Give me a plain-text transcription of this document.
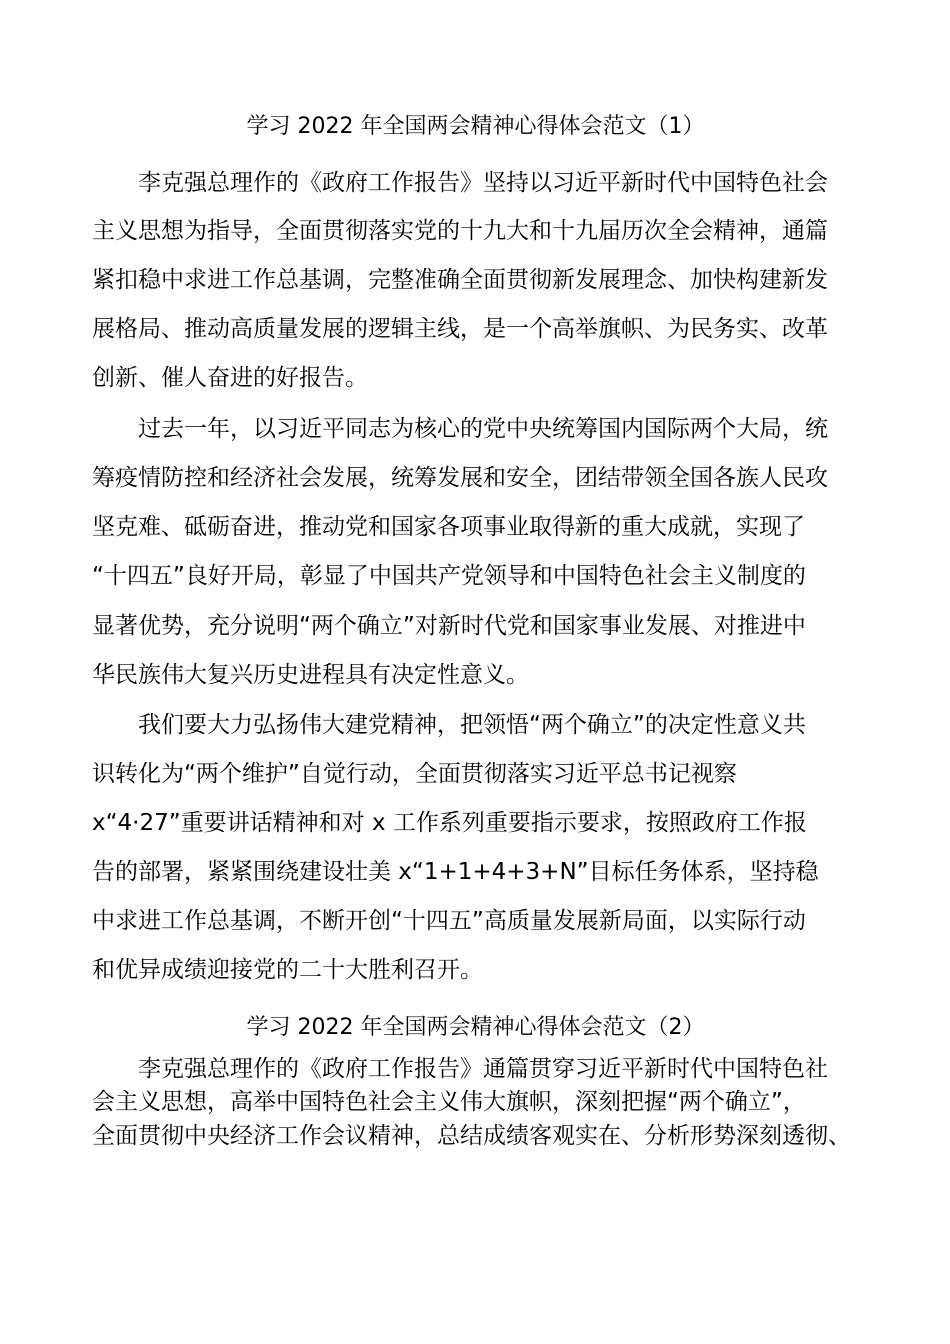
学习 2022 年全国两会精神心得体会范文（1）
李克强总理作的《政府工作报告》坚持以习近平新时代中国特色社会
主义思想为指导，全面贯彻落实党的十九大和十九届历次全会精神，通篇
紧扣稳中求进工作总基调，完整准确全面贯彻新发展理念、加快构建新发
展格局、推动高质量发展的逻辑主线，是一个高举旗帜、为民务实、改革
创新、催人奋进的好报告。
过去一年，以习近平同志为核心的党中央统筹国内国际两个大局，统
筹疫情防控和经济社会发展，统筹发展和安全，团结带领全国各族人民攻
坚克难、砥砺奋进，推动党和国家各项事业取得新的重大成就，实现了
“十四五”良好开局，彰显了中国共产党领导和中国特色社会主义制度的
显著优势，充分说明“两个确立”对新时代党和国家事业发展、对推进中
华民族伟大复兴历史进程具有决定性意义。
我们要大力弘扬伟大建党精神，把领悟“两个确立”的决定性意义共
识转化为“两个维护”自觉行动，全面贯彻落实习近平总书记视察
x“4·27”重要讲话精神和对 x 工作系列重要指示要求，按照政府工作报
告的部署，紧紧围绕建设壮美 x“1+1+4+3+N”目标任务体系，坚持稳
中求进工作总基调，不断开创“十四五”高质量发展新局面，以实际行动
和优异成绩迎接党的二十大胜利召开。
学习 2022 年全国两会精神心得体会范文（2）
李克强总理作的《政府工作报告》通篇贯穿习近平新时代中国特色社
会主义思想，高举中国特色社会主义伟大旗帜，深刻把握“两个确立”，
全面贯彻中央经济工作会议精神，总结成绩客观实在、分析形势深刻透彻、
